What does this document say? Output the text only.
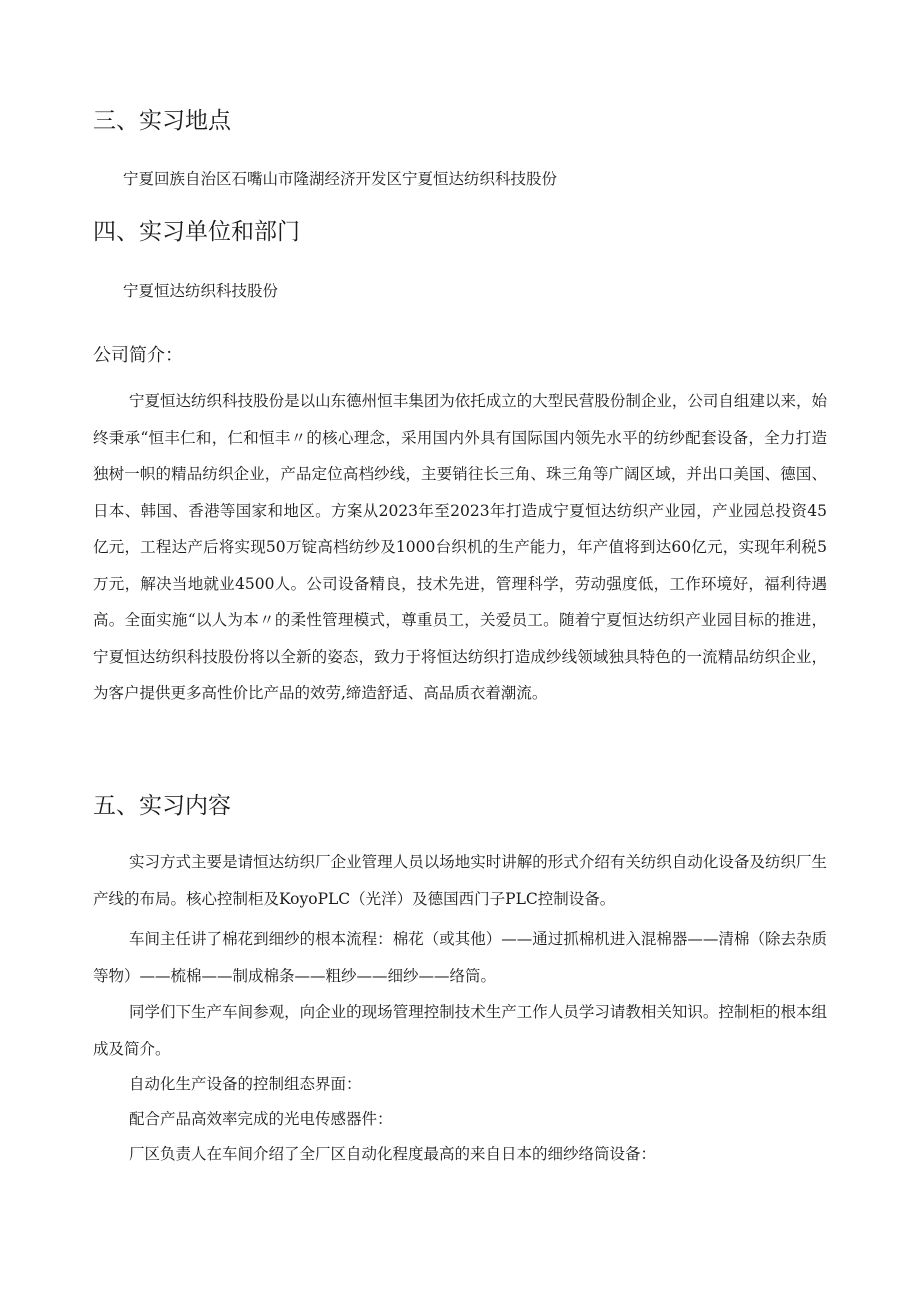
三、实习地点

宁夏回族自治区石嘴山市隆湖经济开发区宁夏恒达纺织科技股份

四、实习单位和部门

宁夏恒达纺织科技股份

公司简介：

宁夏恒达纺织科技股份是以山东德州恒丰集团为依托成立的大型民营股份制企业，公司自组建以来，始终秉承“恒丰仁和，仁和恒丰〃的核心理念，采用国内外具有国际国内领先水平的纺纱配套设备，全力打造独树一帜的精品纺织企业，产品定位高档纱线，主要销往长三角、珠三角等广阔区域，并出口美国、德国、日本、韩国、香港等国家和地区。方案从2023年至2023年打造成宁夏恒达纺织产业园，产业园总投资45亿元，工程达产后将实现50万锭高档纺纱及1000台织机的生产能力，年产值将到达60亿元，实现年利税5万元，解决当地就业4500人。公司设备精良，技术先进，管理科学，劳动强度低，工作环境好，福利待遇高。全面实施“以人为本〃的柔性管理模式，尊重员工，关爱员工。随着宁夏恒达纺织产业园目标的推进，宁夏恒达纺织科技股份将以全新的姿态，致力于将恒达纺织打造成纱线领域独具特色的一流精品纺织企业，为客户提供更多高性价比产品的效劳,缔造舒适、高品质衣着潮流。

五、实习内容

实习方式主要是请恒达纺织厂企业管理人员以场地实时讲解的形式介绍有关纺织自动化设备及纺织厂生产线的布局。核心控制柜及KoyoPLC（光洋）及德国西门子PLC控制设备。

车间主任讲了棉花到细纱的根本流程：棉花（或其他）——通过抓棉机进入混棉器——清棉（除去杂质等物）——梳棉——制成棉条——粗纱——细纱——络筒。

同学们下生产车间参观，向企业的现场管理控制技术生产工作人员学习请教相关知识。控制柜的根本组成及简介。

自动化生产设备的控制组态界面：

配合产品高效率完成的光电传感器件：

厂区负责人在车间介绍了全厂区自动化程度最高的来自日本的细纱络筒设备：
